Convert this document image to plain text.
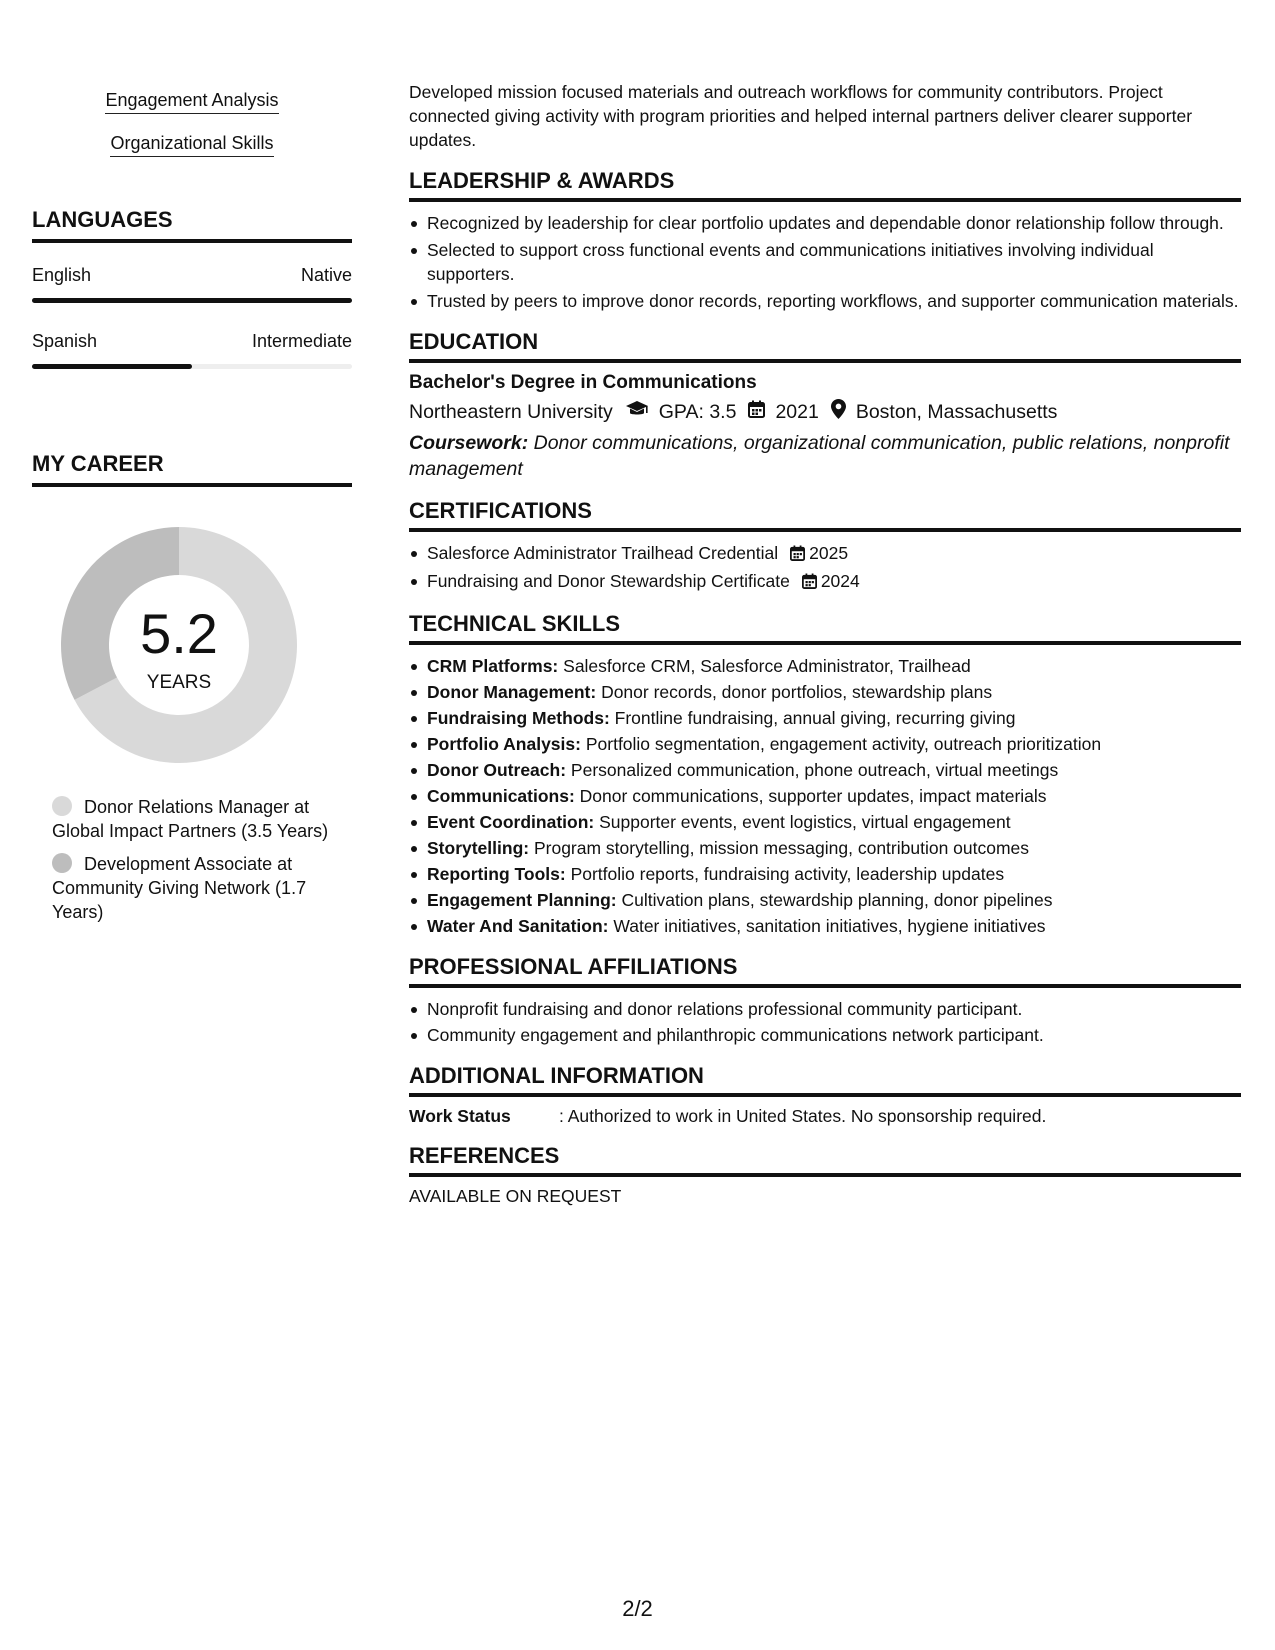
Engagement Analysis
Organizational Skills
LANGUAGES
English	Native
Spanish	Intermediate
MY CAREER
5.2
YEARS
Donor Relations Manager at Global Impact Partners (3.5 Years)
Development Associate at Community Giving Network (1.7 Years)

Developed mission focused materials and outreach workflows for community contributors. Project connected giving activity with program priorities and helped internal partners deliver clearer supporter updates.

LEADERSHIP & AWARDS
Recognized by leadership for clear portfolio updates and dependable donor relationship follow through.
Selected to support cross functional events and communications initiatives involving individual supporters.
Trusted by peers to improve donor records, reporting workflows, and supporter communication materials.
EDUCATION
Bachelor's Degree in Communications
Northeastern University GPA: 3.5 2021 Boston, Massachusetts
Coursework: Donor communications, organizational communication, public relations, nonprofit management
CERTIFICATIONS
Salesforce Administrator Trailhead Credential 2025
Fundraising and Donor Stewardship Certificate 2024
TECHNICAL SKILLS
CRM Platforms: Salesforce CRM, Salesforce Administrator, Trailhead
Donor Management: Donor records, donor portfolios, stewardship plans
Fundraising Methods: Frontline fundraising, annual giving, recurring giving
Portfolio Analysis: Portfolio segmentation, engagement activity, outreach prioritization
Donor Outreach: Personalized communication, phone outreach, virtual meetings
Communications: Donor communications, supporter updates, impact materials
Event Coordination: Supporter events, event logistics, virtual engagement
Storytelling: Program storytelling, mission messaging, contribution outcomes
Reporting Tools: Portfolio reports, fundraising activity, leadership updates
Engagement Planning: Cultivation plans, stewardship planning, donor pipelines
Water And Sanitation: Water initiatives, sanitation initiatives, hygiene initiatives
PROFESSIONAL AFFILIATIONS
Nonprofit fundraising and donor relations professional community participant.
Community engagement and philanthropic communications network participant.
ADDITIONAL INFORMATION
Work Status	: Authorized to work in United States. No sponsorship required.
REFERENCES
AVAILABLE ON REQUEST
2/2
